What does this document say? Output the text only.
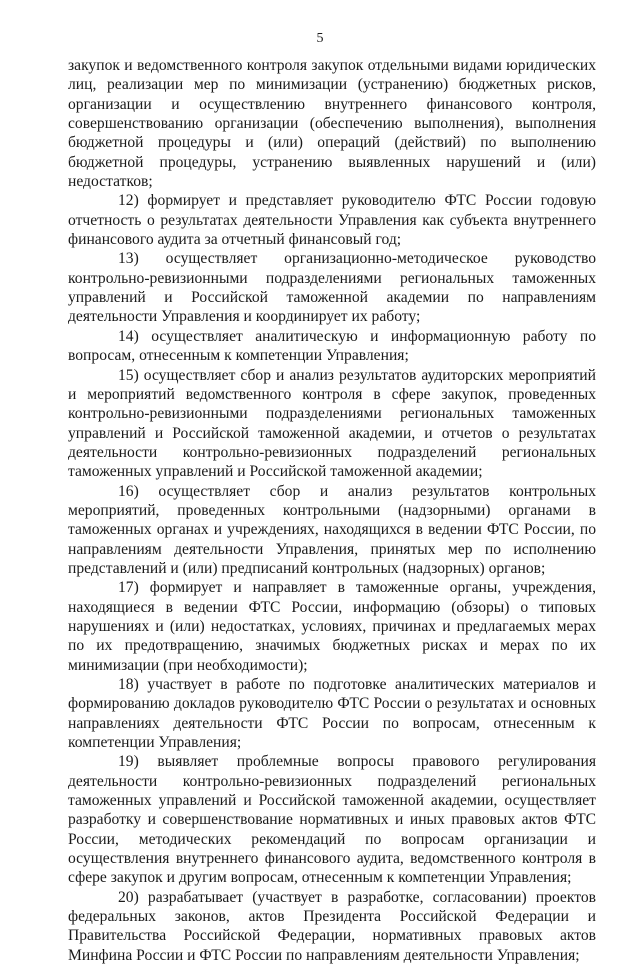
5

закупок и ведомственного контроля закупок отдельными видами юридических лиц, реализации мер по минимизации (устранению) бюджетных рисков, организации и осуществлению внутреннего финансового контроля, совершенствованию организации (обеспечению выполнения), выполнения бюджетной процедуры и (или) операций (действий) по выполнению бюджетной процедуры, устранению выявленных нарушений и (или) недостатков;

12) формирует и представляет руководителю ФТС России годовую отчетность о результатах деятельности Управления как субъекта внутреннего финансового аудита за отчетный финансовый год;

13) осуществляет организационно-методическое руководство контрольно-ревизионными подразделениями региональных таможенных управлений и Российской таможенной академии по направлениям деятельности Управления и координирует их работу;

14) осуществляет аналитическую и информационную работу по вопросам, отнесенным к компетенции Управления;

15) осуществляет сбор и анализ результатов аудиторских мероприятий и мероприятий ведомственного контроля в сфере закупок, проведенных контрольно-ревизионными подразделениями региональных таможенных управлений и Российской таможенной академии, и отчетов о результатах деятельности контрольно-ревизионных подразделений региональных таможенных управлений и Российской таможенной академии;

16) осуществляет сбор и анализ результатов контрольных мероприятий, проведенных контрольными (надзорными) органами в таможенных органах и учреждениях, находящихся в ведении ФТС России, по направлениям деятельности Управления, принятых мер по исполнению представлений и (или) предписаний контрольных (надзорных) органов;

17) формирует и направляет в таможенные органы, учреждения, находящиеся в ведении ФТС России, информацию (обзоры) о типовых нарушениях и (или) недостатках, условиях, причинах и предлагаемых мерах по их предотвращению, значимых бюджетных рисках и мерах по их минимизации (при необходимости);

18) участвует в работе по подготовке аналитических материалов и формированию докладов руководителю ФТС России о результатах и основных направлениях деятельности ФТС России по вопросам, отнесенным к компетенции Управления;

19) выявляет проблемные вопросы правового регулирования деятельности контрольно-ревизионных подразделений региональных таможенных управлений и Российской таможенной академии, осуществляет разработку и совершенствование нормативных и иных правовых актов ФТС России, методических рекомендаций по вопросам организации и осуществления внутреннего финансового аудита, ведомственного контроля в сфере закупок и другим вопросам, отнесенным к компетенции Управления;

20) разрабатывает (участвует в разработке, согласовании) проектов федеральных законов, актов Президента Российской Федерации и Правительства Российской Федерации, нормативных правовых актов Минфина России и ФТС России по направлениям деятельности Управления;
